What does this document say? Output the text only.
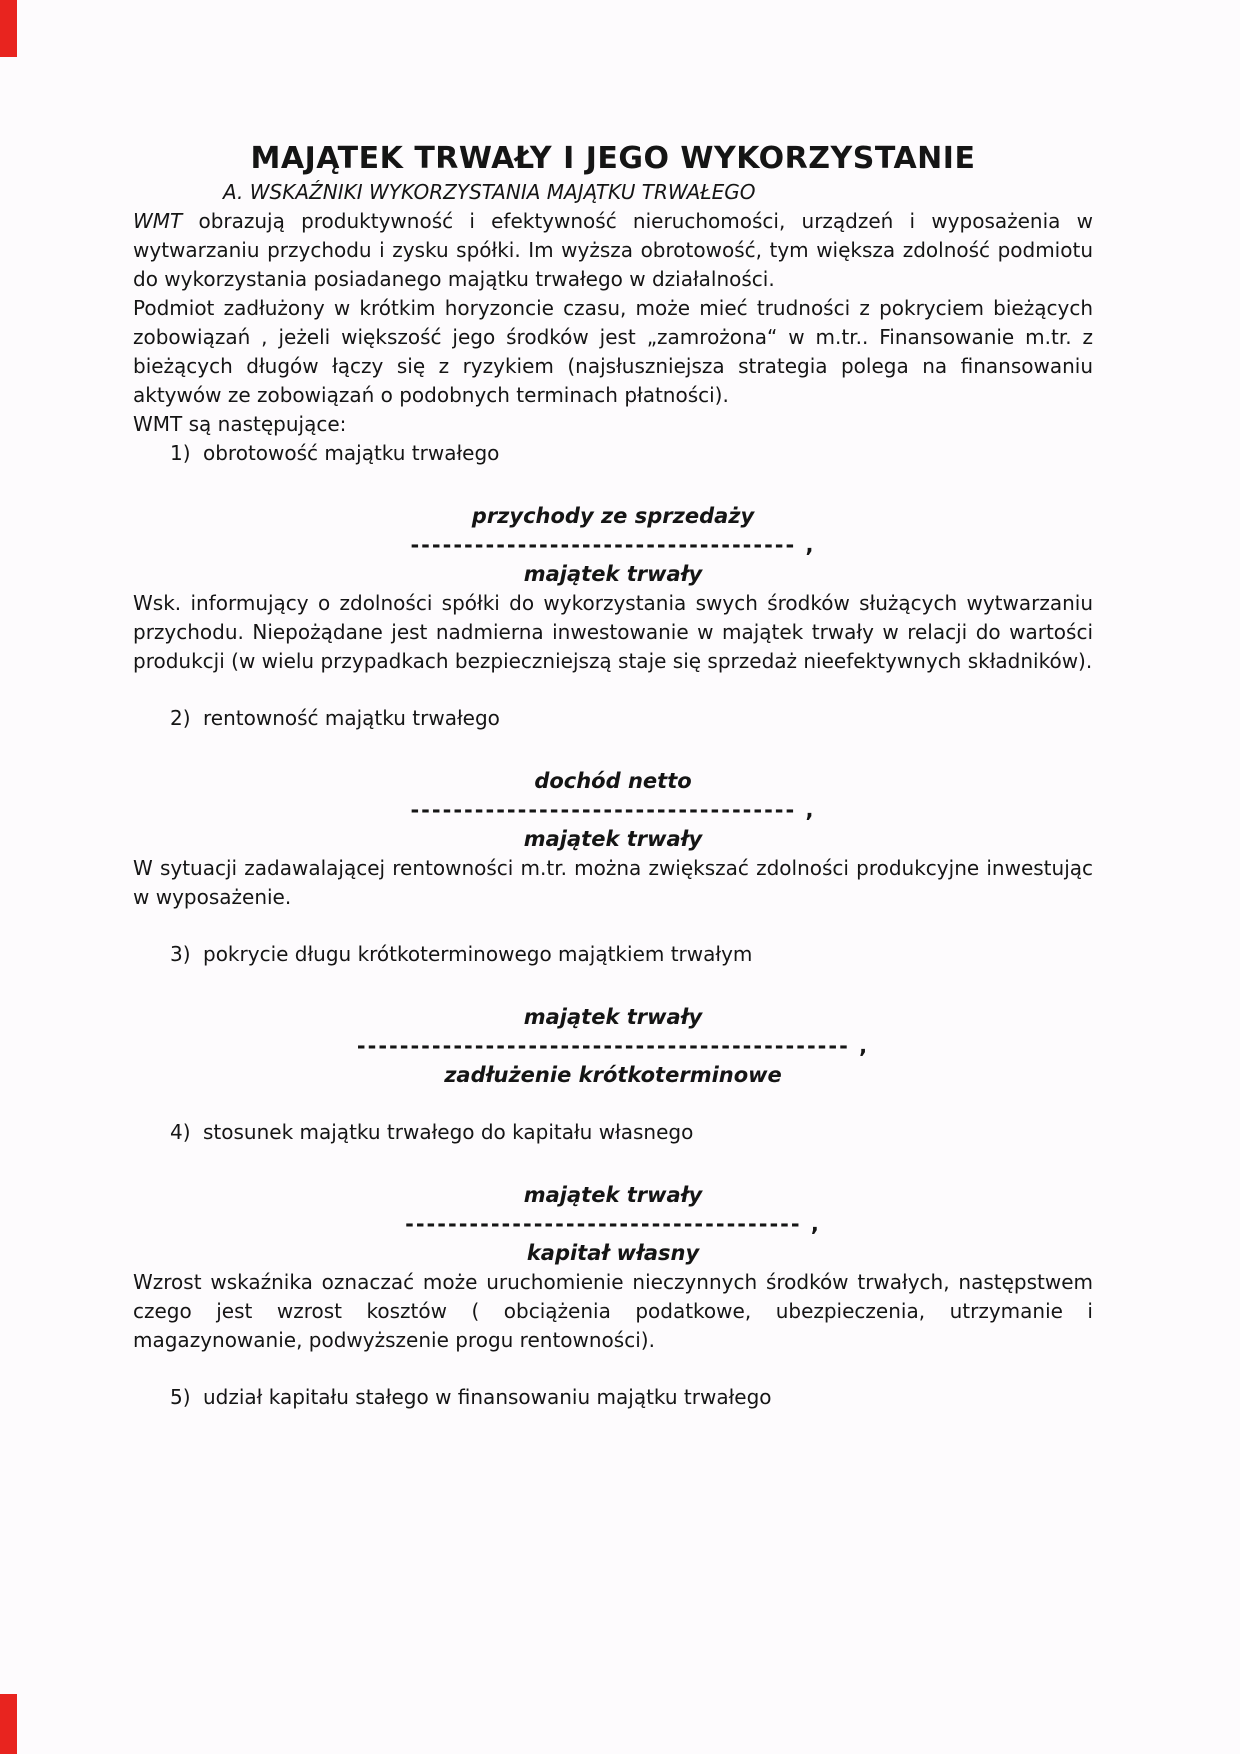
MAJĄTEK TRWAŁY I JEGO WYKORZYSTANIE

A. WSKAŹNIKI WYKORZYSTANIA MAJĄTKU TRWAŁEGO

WMT obrazują produktywność i efektywność nieruchomości, urządzeń i wyposażenia w wytwarzaniu przychodu i zysku spółki. Im wyższa obrotowość, tym większa zdolność podmiotu do wykorzystania posiadanego majątku trwałego w działalności.

Podmiot zadłużony w krótkim horyzoncie czasu, może mieć trudności z pokryciem bieżących zobowiązań , jeżeli większość jego środków jest „zamrożona“ w m.tr.. Finansowanie m.tr. z bieżących długów łączy się z ryzykiem (najsłuszniejsza strategia polega na finansowaniu aktywów ze zobowiązań o podobnych terminach płatności).

WMT są następujące:

1) obrotowość majątku trwałego
przychody ze sprzedaży
------------------------------------ ,
majątek trwały

Wsk. informujący o zdolności spółki do wykorzystania swych środków służących wytwarzaniu przychodu. Niepożądane jest nadmierna inwestowanie w majątek trwały w relacji do wartości produkcji (w wielu przypadkach bezpieczniejszą staje się sprzedaż nieefektywnych składników).

2) rentowność majątku trwałego
dochód netto
------------------------------------ ,
majątek trwały

W sytuacji zadawalającej rentowności m.tr. można zwiększać zdolności produkcyjne inwestując w wyposażenie.

3) pokrycie długu krótkoterminowego majątkiem trwałym
majątek trwały
---------------------------------------------- ,
zadłużenie krótkoterminowe
4) stosunek majątku trwałego do kapitału własnego
majątek trwały
------------------------------------- ,
kapitał własny

Wzrost wskaźnika oznaczać może uruchomienie nieczynnych środków trwałych, następstwem czego jest wzrost kosztów ( obciążenia podatkowe, ubezpieczenia, utrzymanie i magazynowanie, podwyższenie progu rentowności).

5) udział kapitału stałego w finansowaniu majątku trwałego
